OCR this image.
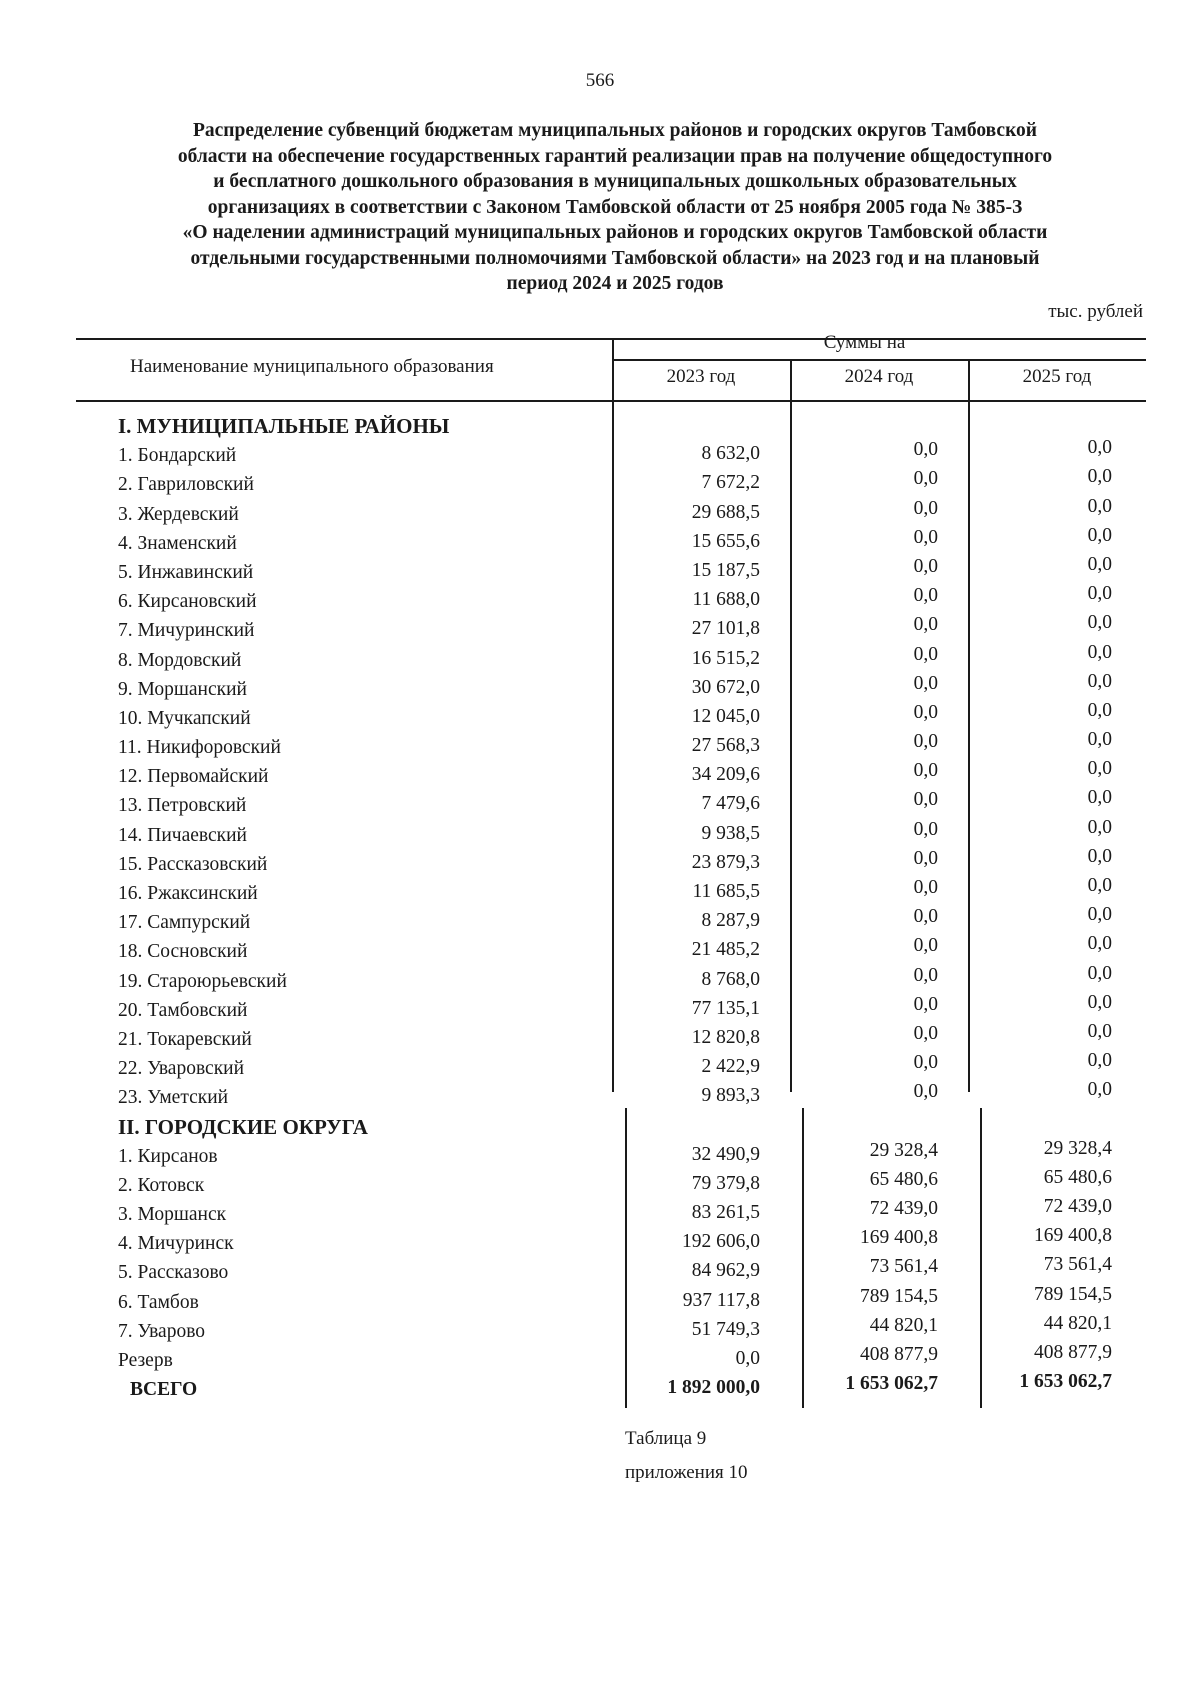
566
Распределение субвенций бюджетам муниципальных районов и городских округов Тамбовской
области на обеспечение государственных гарантий реализации прав на получение общедоступного
и бесплатного дошкольного образования в муниципальных дошкольных образовательных
организациях в соответствии с Законом Тамбовской области от 25 ноября 2005 года № 385-З
«О наделении администраций муниципальных районов и городских округов Тамбовской области
отдельными государственными полномочиями Тамбовской области» на 2023 год и на плановый
период 2024 и 2025 годов
тыс. рублей
Наименование муниципального образования
Суммы на
2023 год	2024 год	2025 год
I. МУНИЦИПАЛЬНЫЕ РАЙОНЫ
1. Бондарский	8 632,0	0,0	0,0
2. Гавриловский	7 672,2	0,0	0,0
3. Жердевский	29 688,5	0,0	0,0
4. Знаменский	15 655,6	0,0	0,0
5. Инжавинский	15 187,5	0,0	0,0
6. Кирсановский	11 688,0	0,0	0,0
7. Мичуринский	27 101,8	0,0	0,0
8. Мордовский	16 515,2	0,0	0,0
9. Моршанский	30 672,0	0,0	0,0
10. Мучкапский	12 045,0	0,0	0,0
11. Никифоровский	27 568,3	0,0	0,0
12. Первомайский	34 209,6	0,0	0,0
13. Петровский	7 479,6	0,0	0,0
14. Пичаевский	9 938,5	0,0	0,0
15. Рассказовский	23 879,3	0,0	0,0
16. Ржаксинский	11 685,5	0,0	0,0
17. Сампурский	8 287,9	0,0	0,0
18. Сосновский	21 485,2	0,0	0,0
19. Староюрьевский	8 768,0	0,0	0,0
20. Тамбовский	77 135,1	0,0	0,0
21. Токаревский	12 820,8	0,0	0,0
22. Уваровский	2 422,9	0,0	0,0
23. Уметский	9 893,3	0,0	0,0
II. ГОРОДСКИЕ ОКРУГА
1. Кирсанов	32 490,9	29 328,4	29 328,4
2. Котовск	79 379,8	65 480,6	65 480,6
3. Моршанск	83 261,5	72 439,0	72 439,0
4. Мичуринск	192 606,0	169 400,8	169 400,8
5. Рассказово	84 962,9	73 561,4	73 561,4
6. Тамбов	937 117,8	789 154,5	789 154,5
7. Уварово	51 749,3	44 820,1	44 820,1
Резерв	0,0	408 877,9	408 877,9
ВСЕГО	1 892 000,0	1 653 062,7	1 653 062,7
Таблица 9
приложения 10
